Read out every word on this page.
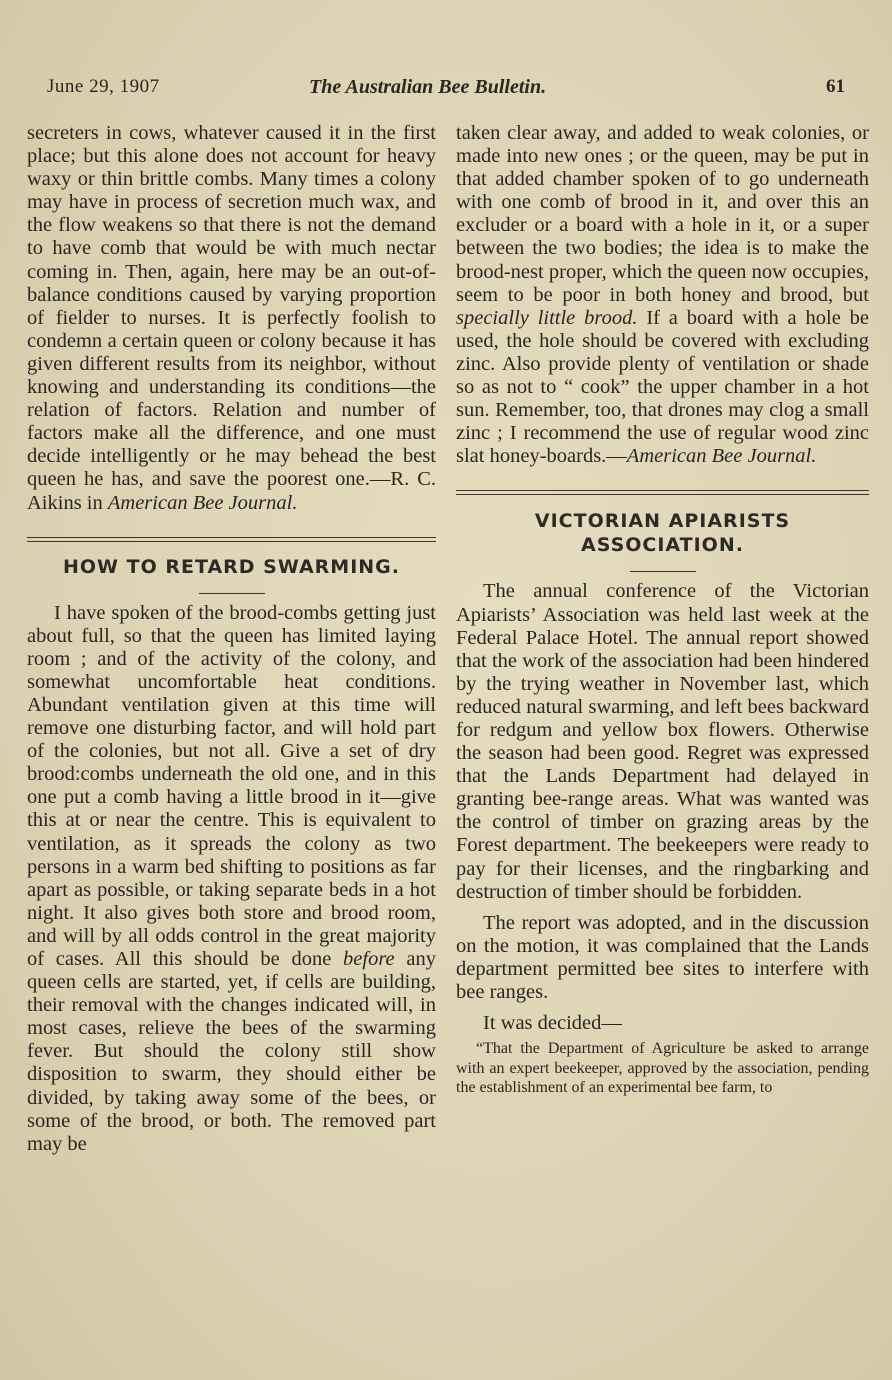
June 29, 1907	The Australian Bee Bulletin.	61

secreters in cows, whatever caused it in the first place; but this alone does not account for heavy waxy or thin brittle combs. Many times a colony may have in process of secretion much wax, and the flow weakens so that there is not the demand to have comb that would be with much nectar coming in. Then, again, here may be an out-of-balance conditions caused by varying proportion of fielder to nurses. It is perfectly foolish to condemn a certain queen or colony because it has given different results from its neighbor, without knowing and understanding its conditions—the relation of factors. Relation and number of factors make all the difference, and one must decide intelligently or he may behead the best queen he has, and save the poorest one.—R. C. Aikins in American Bee Journal.

HOW TO RETARD SWARMING.

I have spoken of the brood-combs getting just about full, so that the queen has limited laying room ; and of the activity of the colony, and somewhat uncomfortable heat conditions. Abundant ventilation given at this time will remove one disturbing factor, and will hold part of the colonies, but not all. Give a set of dry brood:combs underneath the old one, and in this one put a comb having a little brood in it—give this at or near the centre. This is equivalent to ventilation, as it spreads the colony as two persons in a warm bed shifting to positions as far apart as possible, or taking separate beds in a hot night. It also gives both store and brood room, and will by all odds control in the great majority of cases. All this should be done before any queen cells are started, yet, if cells are building, their removal with the changes indicated will, in most cases, relieve the bees of the swarming fever. But should the colony still show disposition to swarm, they should either be divided, by taking away some of the bees, or some of the brood, or both. The removed part may be

taken clear away, and added to weak colonies, or made into new ones ; or the queen, may be put in that added chamber spoken of to go underneath with one comb of brood in it, and over this an excluder or a board with a hole in it, or a super between the two bodies; the idea is to make the brood-nest proper, which the queen now occupies, seem to be poor in both honey and brood, but specially little brood. If a board with a hole be used, the hole should be covered with excluding zinc. Also provide plenty of ventilation or shade so as not to “ cook” the upper chamber in a hot sun. Remember, too, that drones may clog a small zinc ; I recommend the use of regular wood zinc slat honey-boards.—American Bee Journal.

VICTORIAN APIARISTS
ASSOCIATION.

The annual conference of the Victorian Apiarists’ Association was held last week at the Federal Palace Hotel. The annual report showed that the work of the association had been hindered by the trying weather in November last, which reduced natural swarming, and left bees backward for redgum and yellow box flowers. Otherwise the season had been good. Regret was expressed that the Lands Department had delayed in granting bee-range areas. What was wanted was the control of timber on grazing areas by the Forest department. The beekeepers were ready to pay for their licenses, and the ringbarking and destruction of timber should be forbidden.

The report was adopted, and in the discussion on the motion, it was complained that the Lands department permitted bee sites to interfere with bee ranges.

It was decided—

“That the Department of Agriculture be asked to arrange with an expert beekeeper, approved by the association, pending the establishment of an experimental bee farm, to
